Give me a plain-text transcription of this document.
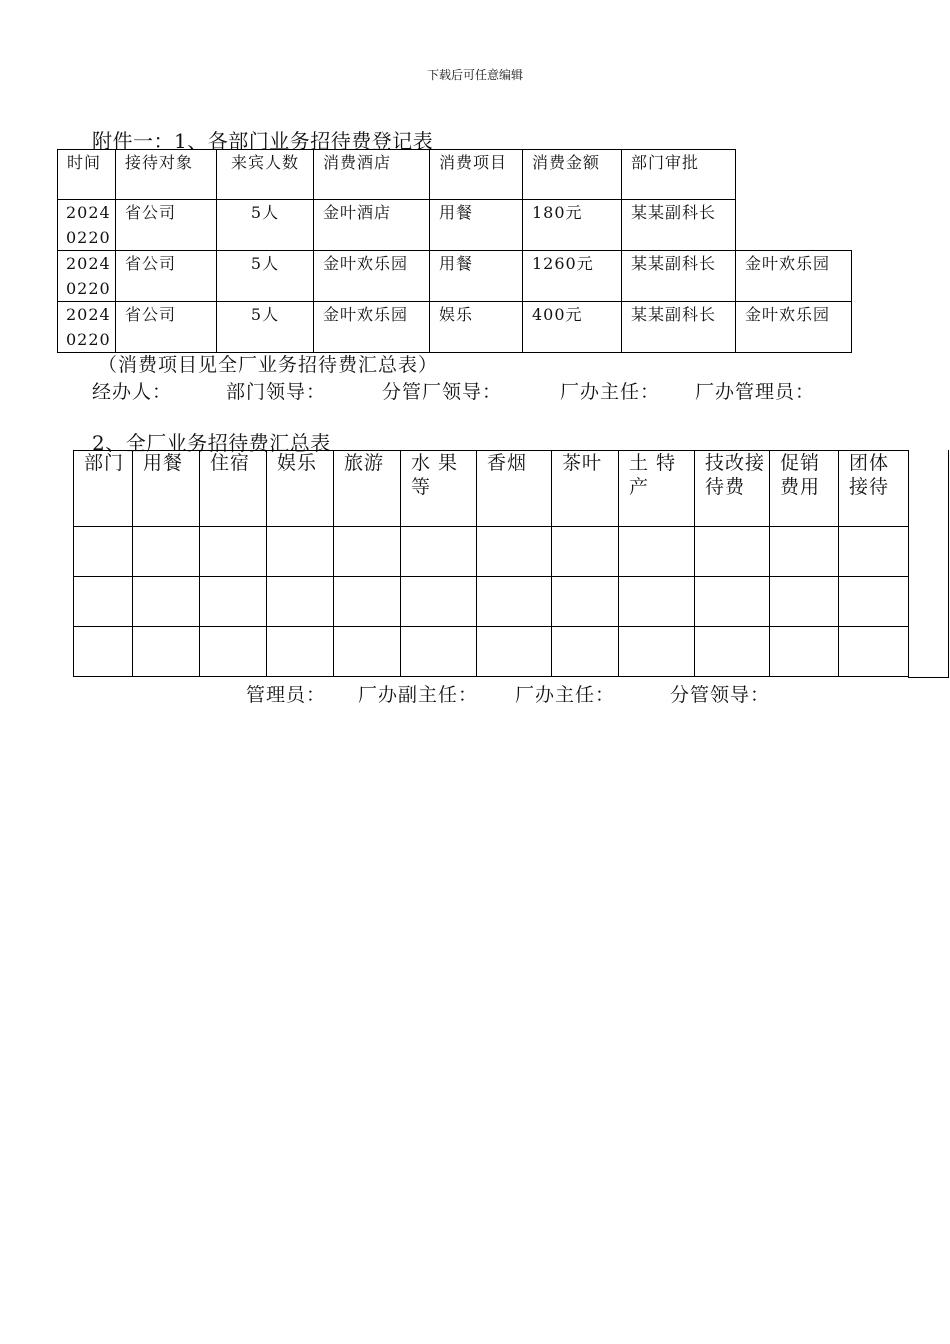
下载后可任意编辑
附件一：1、各部门业务招待费登记表
时间	接待对象	来宾人数	消费酒店	消费项目	消费金额	部门审批	
20240220	省公司	5人	金叶酒店	用餐	180元	某某副科长	
20240220	省公司	5人	金叶欢乐园	用餐	1260元	某某副科长	金叶欢乐园
20240220	省公司	5人	金叶欢乐园	娱乐	400元	某某副科长	金叶欢乐园
（消费项目见全厂业务招待费汇总表）
经办人：	部门领导：	分管厂领导：	厂办主任： 厂办管理员：
2、全厂业务招待费汇总表
部门	用餐	住宿	娱乐	旅游	水 果等	香烟	茶叶	土 特产	技改接 待费	促销费用	团体接待

管理员： 厂办副主任： 厂办主任：	分管领导：
